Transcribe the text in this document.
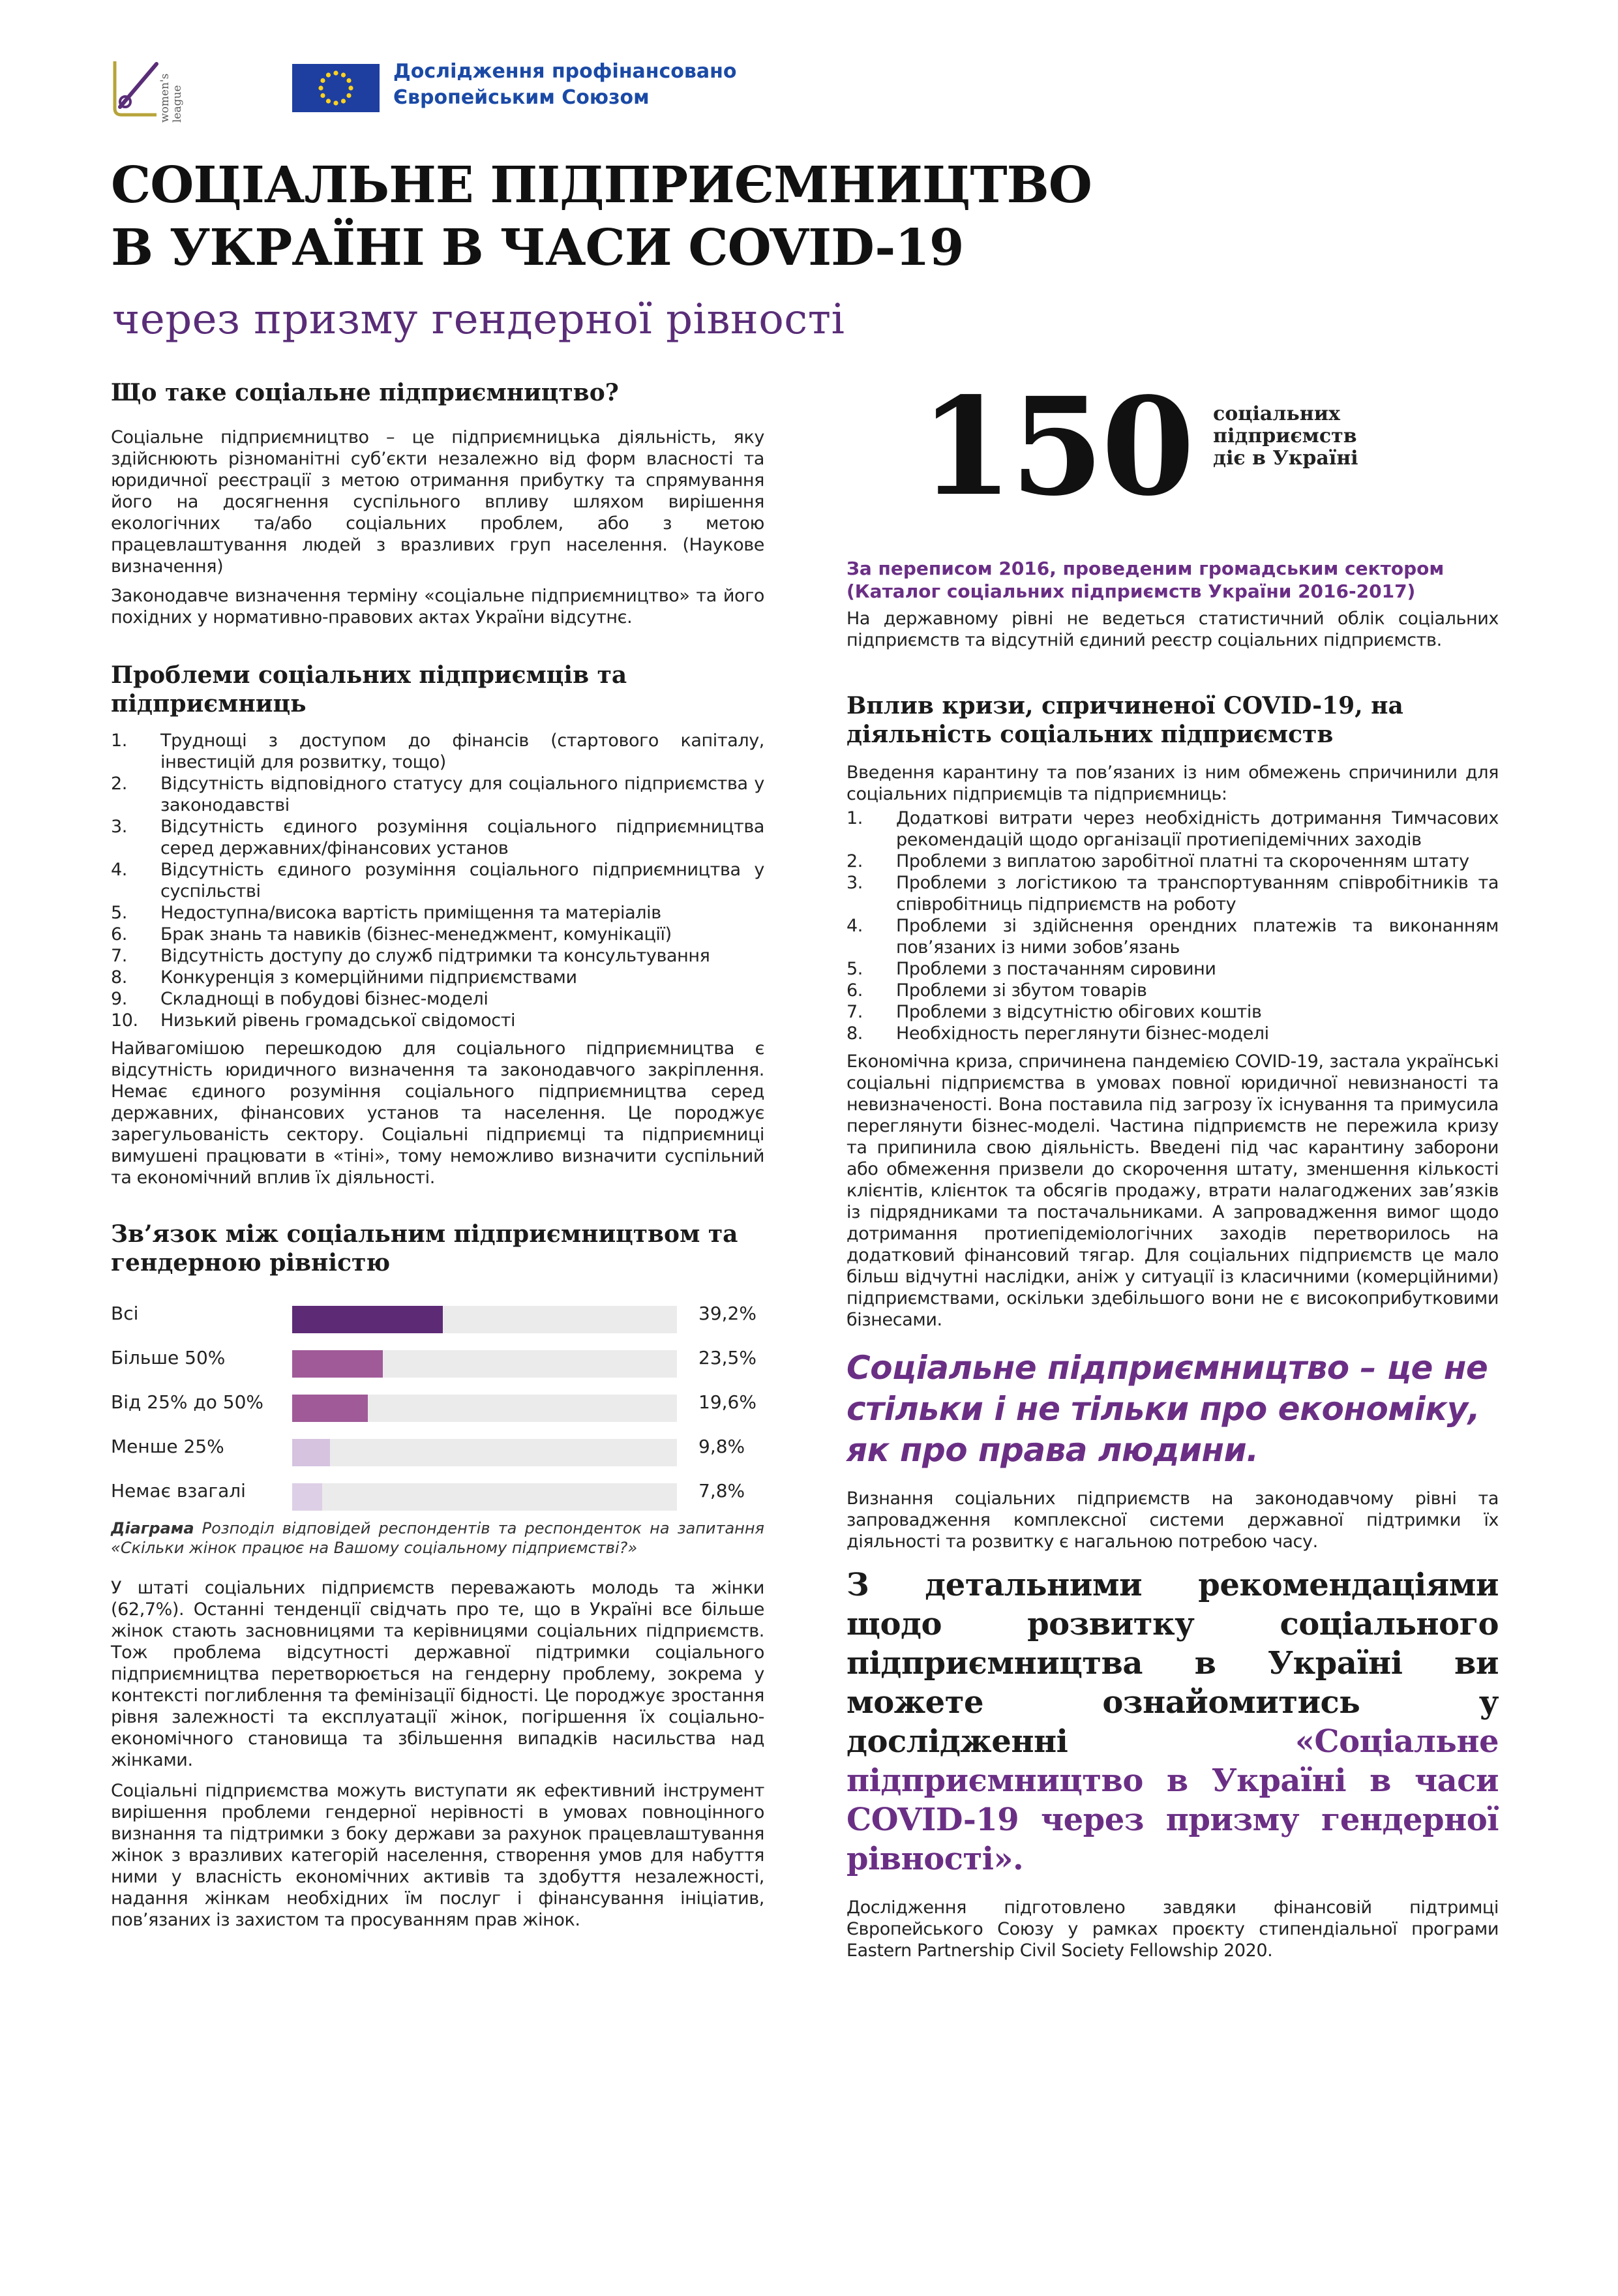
women's league
Дослідження профінансовано
Європейським Союзом
СОЦІАЛЬНЕ ПІДПРИЄМНИЦТВО
В УКРАЇНІ В ЧАСИ COVID-19
через призму гендерної рівності
Що таке соціальне підприємництво?

Соціальне підприємництво – це підприємницька діяльність, яку здійснюють різноманітні суб’єкти незалежно від форм власності та юридичної реєстрації з метою отримання прибутку та спрямування його на досягнення суспільного впливу шляхом вирішення екологічних та/або соціальних проблем, або з метою працевлаштування людей з вразливих груп населення. (Наукове визначення)

Законодавче визначення терміну «соціальне підприємництво» та його похідних у нормативно-правових актах України відсутнє.

Проблеми соціальних підприємців та підприємниць
1.	Труднощі з доступом до фінансів (стартового капіталу, інвестицій для розвитку, тощо)
2.	Відсутність відповідного статусу для соціального підприємства у законодавстві
3.	Відсутність єдиного розуміння соціального підприємництва серед державних/фінансових установ
4.	Відсутність єдиного розуміння соціального підприємництва у суспільстві
5.	Недоступна/висока вартість приміщення та матеріалів
6.	Брак знань та навиків (бізнес-менеджмент, комунікації)
7.	Відсутність доступу до служб підтримки та консультування
8.	Конкуренція з комерційними підприємствами
9.	Складнощі в побудові бізнес-моделі
10.	Низький рівень громадської свідомості

Найвагомішою перешкодою для соціального підприємництва є відсутність юридичного визначення та законодавчого закріплення. Немає єдиного розуміння соціального підприємництва серед державних, фінансових установ та населення. Це породжує зарегульованість сектору. Соціальні підприємці та підприємниці вимушені працювати в «тіні», тому неможливо визначити суспільний та економічний вплив їх діяльності.

Зв’язок між соціальним підприємництвом та гендерною рівністю
Всі	39,2%
Більше 50%	23,5%
Від 25% до 50%	19,6%
Менше 25%	9,8%
Немає взагалі	7,8%

Діаграма Розподіл відповідей респондентів та респонденток на запитання «Скільки жінок працює на Вашому соціальному підприємстві?»

У штаті соціальних підприємств переважають молодь та жінки (62,7%). Останні тенденції свідчать про те, що в Україні все більше жінок стають засновницями та керівницями соціальних підприємств. Тож проблема відсутності державної підтримки соціального підприємництва перетворюється на гендерну проблему, зокрема у контексті поглиблення та фемінізації бідності. Це породжує зростання рівня залежності та експлуатації жінок, погіршення їх соціально-економічного становища та збільшення випадків насильства над жінками.

Соціальні підприємства можуть виступати як ефективний інструмент вирішення проблеми гендерної нерівності в умовах повноцінного визнання та підтримки з боку держави за рахунок працевлаштування жінок з вразливих категорій населення, створення умов для набуття ними у власність економічних активів та здобуття незалежності, надання жінкам необхідних їм послуг і фінансування ініціатив, пов’язаних із захистом та просуванням прав жінок.

150 соціальних
підприємств
діє в Україні
За переписом 2016, проведеним громадським сектором
(Каталог соціальних підприємств України 2016-2017)

На державному рівні не ведеться статистичний облік соціальних підприємств та відсутній єдиний реєстр соціальних підприємств.

Вплив кризи, спричиненої COVID-19, на діяльність соціальних підприємств

Введення карантину та пов’язаних із ним обмежень спричинили для соціальних підприємців та підприємниць:

1.	Додаткові витрати через необхідність дотримання Тимчасових рекомендацій щодо організації протиепідемічних заходів
2.	Проблеми з виплатою заробітної платні та скороченням штату
3.	Проблеми з логістикою та транспортуванням співробітників та співробітниць підприємств на роботу
4.	Проблеми зі здійснення орендних платежів та виконанням пов’язаних із ними зобов’язань
5.	Проблеми з постачанням сировини
6.	Проблеми зі збутом товарів
7.	Проблеми з відсутністю обігових коштів
8.	Необхідность переглянути бізнес-моделі

Економічна криза, спричинена пандемією COVID-19, застала українські соціальні підприємства в умовах повної юридичної невизнаності та невизначеності. Вона поставила під загрозу їх існування та примусила переглянути бізнес-моделі. Частина підприємств не пережила кризу та припинила свою діяльність. Введені під час карантину заборони або обмеження призвели до скорочення штату, зменшення кількості клієнтів, клієнток та обсягів продажу, втрати налагоджених зав’язків із підрядниками та постачальниками. А запровадження вимог щодо дотримання протиепідеміологічних заходів перетворилось на додатковий фінансовий тягар. Для соціальних підприємств це мало більш відчутні наслідки, аніж у ситуації із класичними (комерційними) підприємствами, оскільки здебільшого вони не є високоприбутковими бізнесами.

Соціальне підприємництво – це не стільки і не тільки про економіку, як про права людини.

Визнання соціальних підприємств на законодавчому рівні та запровадження комплексної системи державної підтримки їх діяльності та розвитку є нагальною потребою часу.

З детальними рекомендаціями щодо розвитку соціального підприємництва в Україні ви можете ознайомитись у дослідженні «Соціальне підприємництво в Україні в часи COVID-19 через призму гендерної рівності».

Дослідження підготовлено завдяки фінансовій підтримці Європейського Союзу у рамках проєкту стипендіальної програми Eastern Partnership Civil Society Fellowship 2020.
